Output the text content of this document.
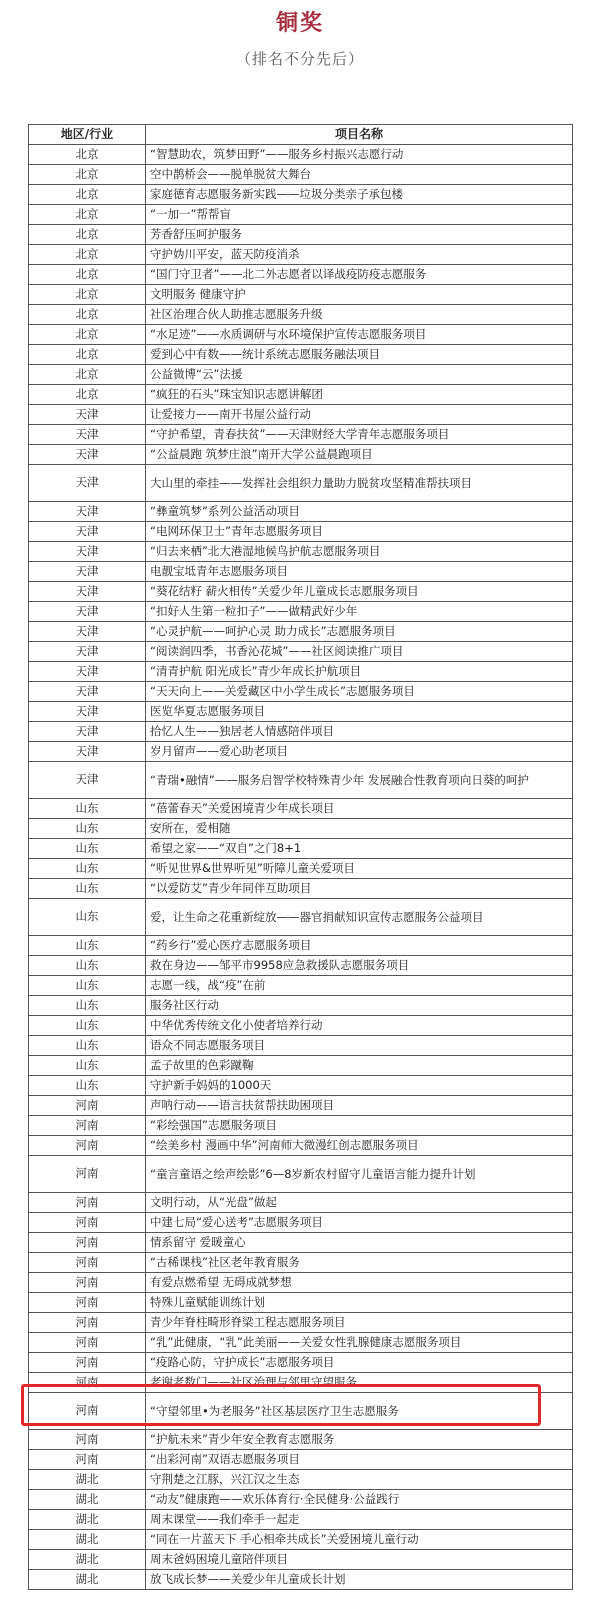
铜奖
（排名不分先后）
地区/行业	项目名称
北京	“智慧助农，筑梦田野”——服务乡村振兴志愿行动
北京	空中鹊桥会——脱单脱贫大舞台
北京	家庭德育志愿服务新实践——垃圾分类亲子承包楼
北京	“一加一”帮帮盲
北京	芳香舒压呵护服务
北京	守护妫川平安，蓝天防疫消杀
北京	“国门守卫者”——北二外志愿者以译战疫防疫志愿服务
北京	文明服务 健康守护
北京	社区治理合伙人助推志愿服务升级
北京	“水足迹”——水质调研与水环境保护宣传志愿服务项目
北京	爱到心中有数——统计系统志愿服务融法项目
北京	公益微博“云”法援
北京	“疯狂的石头”珠宝知识志愿讲解团
天津	让爱接力——南开书屋公益行动
天津	“守护希望，青春扶贫”——天津财经大学青年志愿服务项目
天津	“公益晨跑 筑梦庄浪”南开大学公益晨跑项目
天津	大山里的牵挂——发挥社会组织力量助力脱贫攻坚精准帮扶项目
天津	“彝童筑梦”系列公益活动项目
天津	“电网环保卫士”青年志愿服务项目
天津	“归去来栖”北大港湿地候鸟护航志愿服务项目
天津	电靓宝坻青年志愿服务项目
天津	“葵花结籽 薪火相传”关爱少年儿童成长志愿服务项目
天津	“扣好人生第一粒扣子”——做精武好少年
天津	“心灵护航——呵护心灵 助力成长”志愿服务项目
天津	“阅读润四季，书香沁花城”——社区阅读推广项目
天津	“清青护航 阳光成长”青少年成长护航项目
天津	“天天向上——关爱藏区中小学生成长”志愿服务项目
天津	医览华夏志愿服务项目
天津	拾忆人生——独居老人情感陪伴项目
天津	岁月留声——爱心助老项目
天津	“青瑞•融情”——服务启智学校特殊青少年 发展融合性教育项向日葵的呵护
山东	“蓓蕾春天”关爱困境青少年成长项目
山东	安所在，爱相随
山东	希望之家——“双自”之门8+1
山东	“听见世界&世界听见”听障儿童关爱项目
山东	“以爱防艾”青少年同伴互助项目
山东	爱，让生命之花重新绽放——器官捐献知识宣传志愿服务公益项目
山东	“药乡行”爱心医疗志愿服务项目
山东	救在身边——邹平市9958应急救援队志愿服务项目
山东	志愿一线，战“疫”在前
山东	服务社区行动
山东	中华优秀传统文化小使者培养行动
山东	语众不同志愿服务项目
山东	孟子故里的色彩蹴鞠
山东	守护新手妈妈的1000天
河南	声呐行动——语言扶贫帮扶助困项目
河南	“彩绘强国”志愿服务项目
河南	“绘美乡村 漫画中华”河南师大微漫红创志愿服务项目
河南	“童言童语之绘声绘影”6—8岁新农村留守儿童语言能力提升计划
河南	文明行动，从“光盘”做起
河南	中建七局“爱心送考”志愿服务项目
河南	情系留守 爱暖童心
河南	“古稀课栈”社区老年教育服务
河南	有爱点燃希望 无碍成就梦想
河南	特殊儿童赋能训练计划
河南	青少年脊柱畸形脊梁工程志愿服务项目
河南	“乳”此健康，“乳”此美丽——关爱女性乳腺健康志愿服务项目
河南	“疫路心防，守护成长”志愿服务项目
河南	老谢老数门——社区治理与邻里守望服务
河南	“守望邻里•为老服务”社区基层医疗卫生志愿服务
河南	“护航未来”青少年安全教育志愿服务
河南	“出彩河南”双语志愿服务项目
湖北	守荆楚之江豚，兴江汉之生态
湖北	“动友”健康跑——欢乐体育行·全民健身·公益践行
湖北	周末课堂——我们牵手一起走
湖北	“同在一片蓝天下 手心相牵共成长”关爱困境儿童行动
湖北	周末爸妈困境儿童陪伴项目
湖北	放飞成长梦——关爱少年儿童成长计划
